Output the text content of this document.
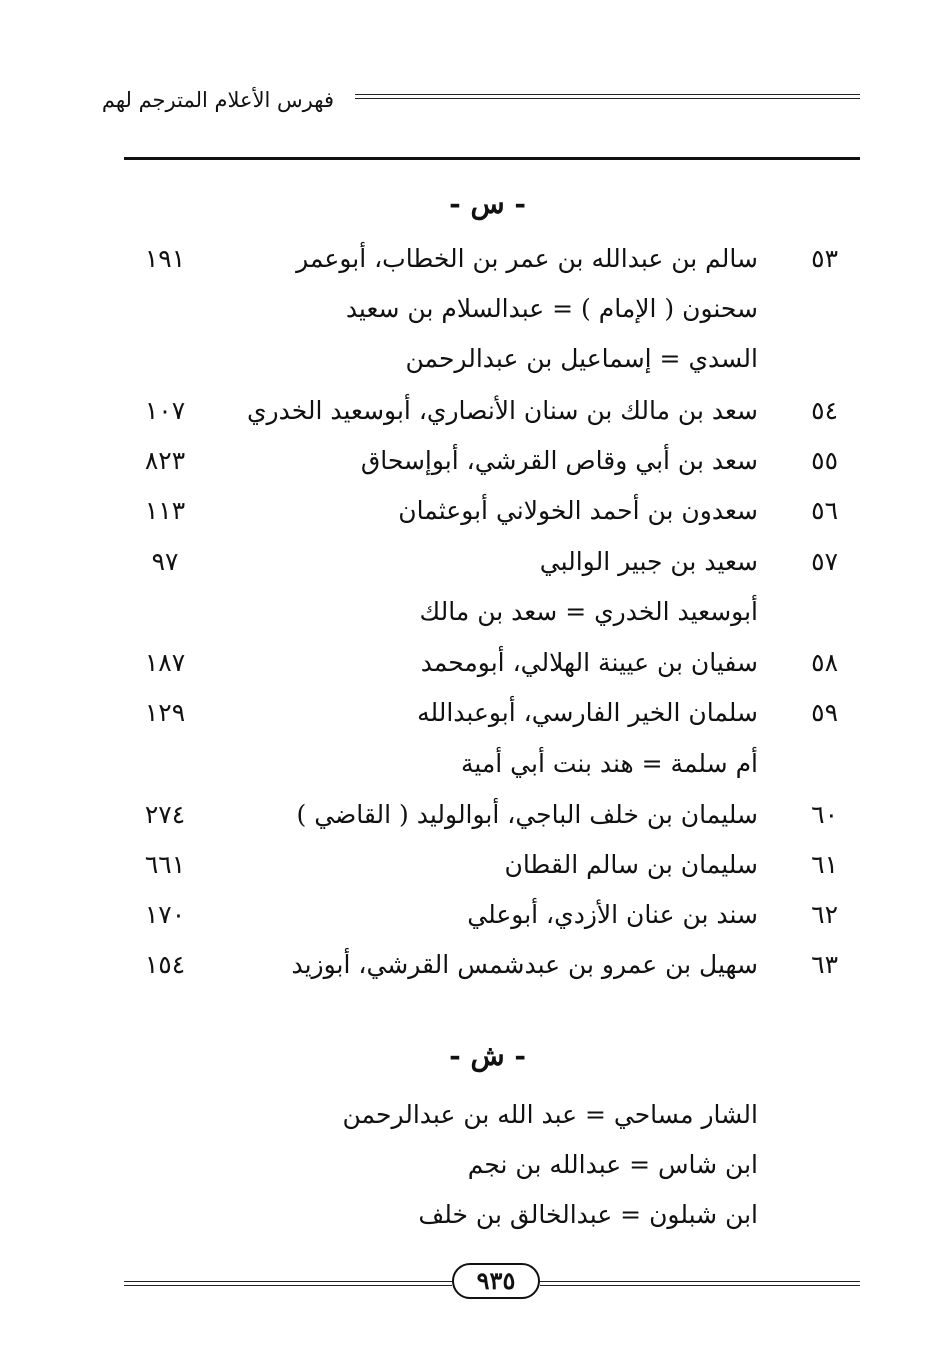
فهرس الأعلام المترجم لهم
- س -
٥٣
سالم بن عبدالله بن عمر بن الخطاب، أبوعمر
١٩١
سحنون ( الإمام ) = عبدالسلام بن سعيد
السدي = إسماعيل بن عبدالرحمن
٥٤
سعد بن مالك بن سنان الأنصاري، أبوسعيد الخدري
١٠٧
٥٥
سعد بن أبي وقاص القرشي، أبوإسحاق
٨٢٣
٥٦
سعدون بن أحمد الخولاني أبوعثمان
١١٣
٥٧
سعيد بن جبير الوالبي
٩٧
أبوسعيد الخدري = سعد بن مالك
٥٨
سفيان بن عيينة الهلالي، أبومحمد
١٨٧
٥٩
سلمان الخير الفارسي، أبوعبدالله
١٢٩
أم سلمة = هند بنت أبي أمية
٦٠
سليمان بن خلف الباجي، أبوالوليد ( القاضي )
٢٧٤
٦١
سليمان بن سالم القطان
٦٦١
٦٢
سند بن عنان الأزدي، أبوعلي
١٧٠
٦٣
سهيل بن عمرو بن عبدشمس القرشي، أبوزيد
١٥٤
- ش -
الشار مساحي = عبد الله بن عبدالرحمن
ابن شاس = عبدالله بن نجم
ابن شبلون = عبدالخالق بن خلف
٩٣٥
